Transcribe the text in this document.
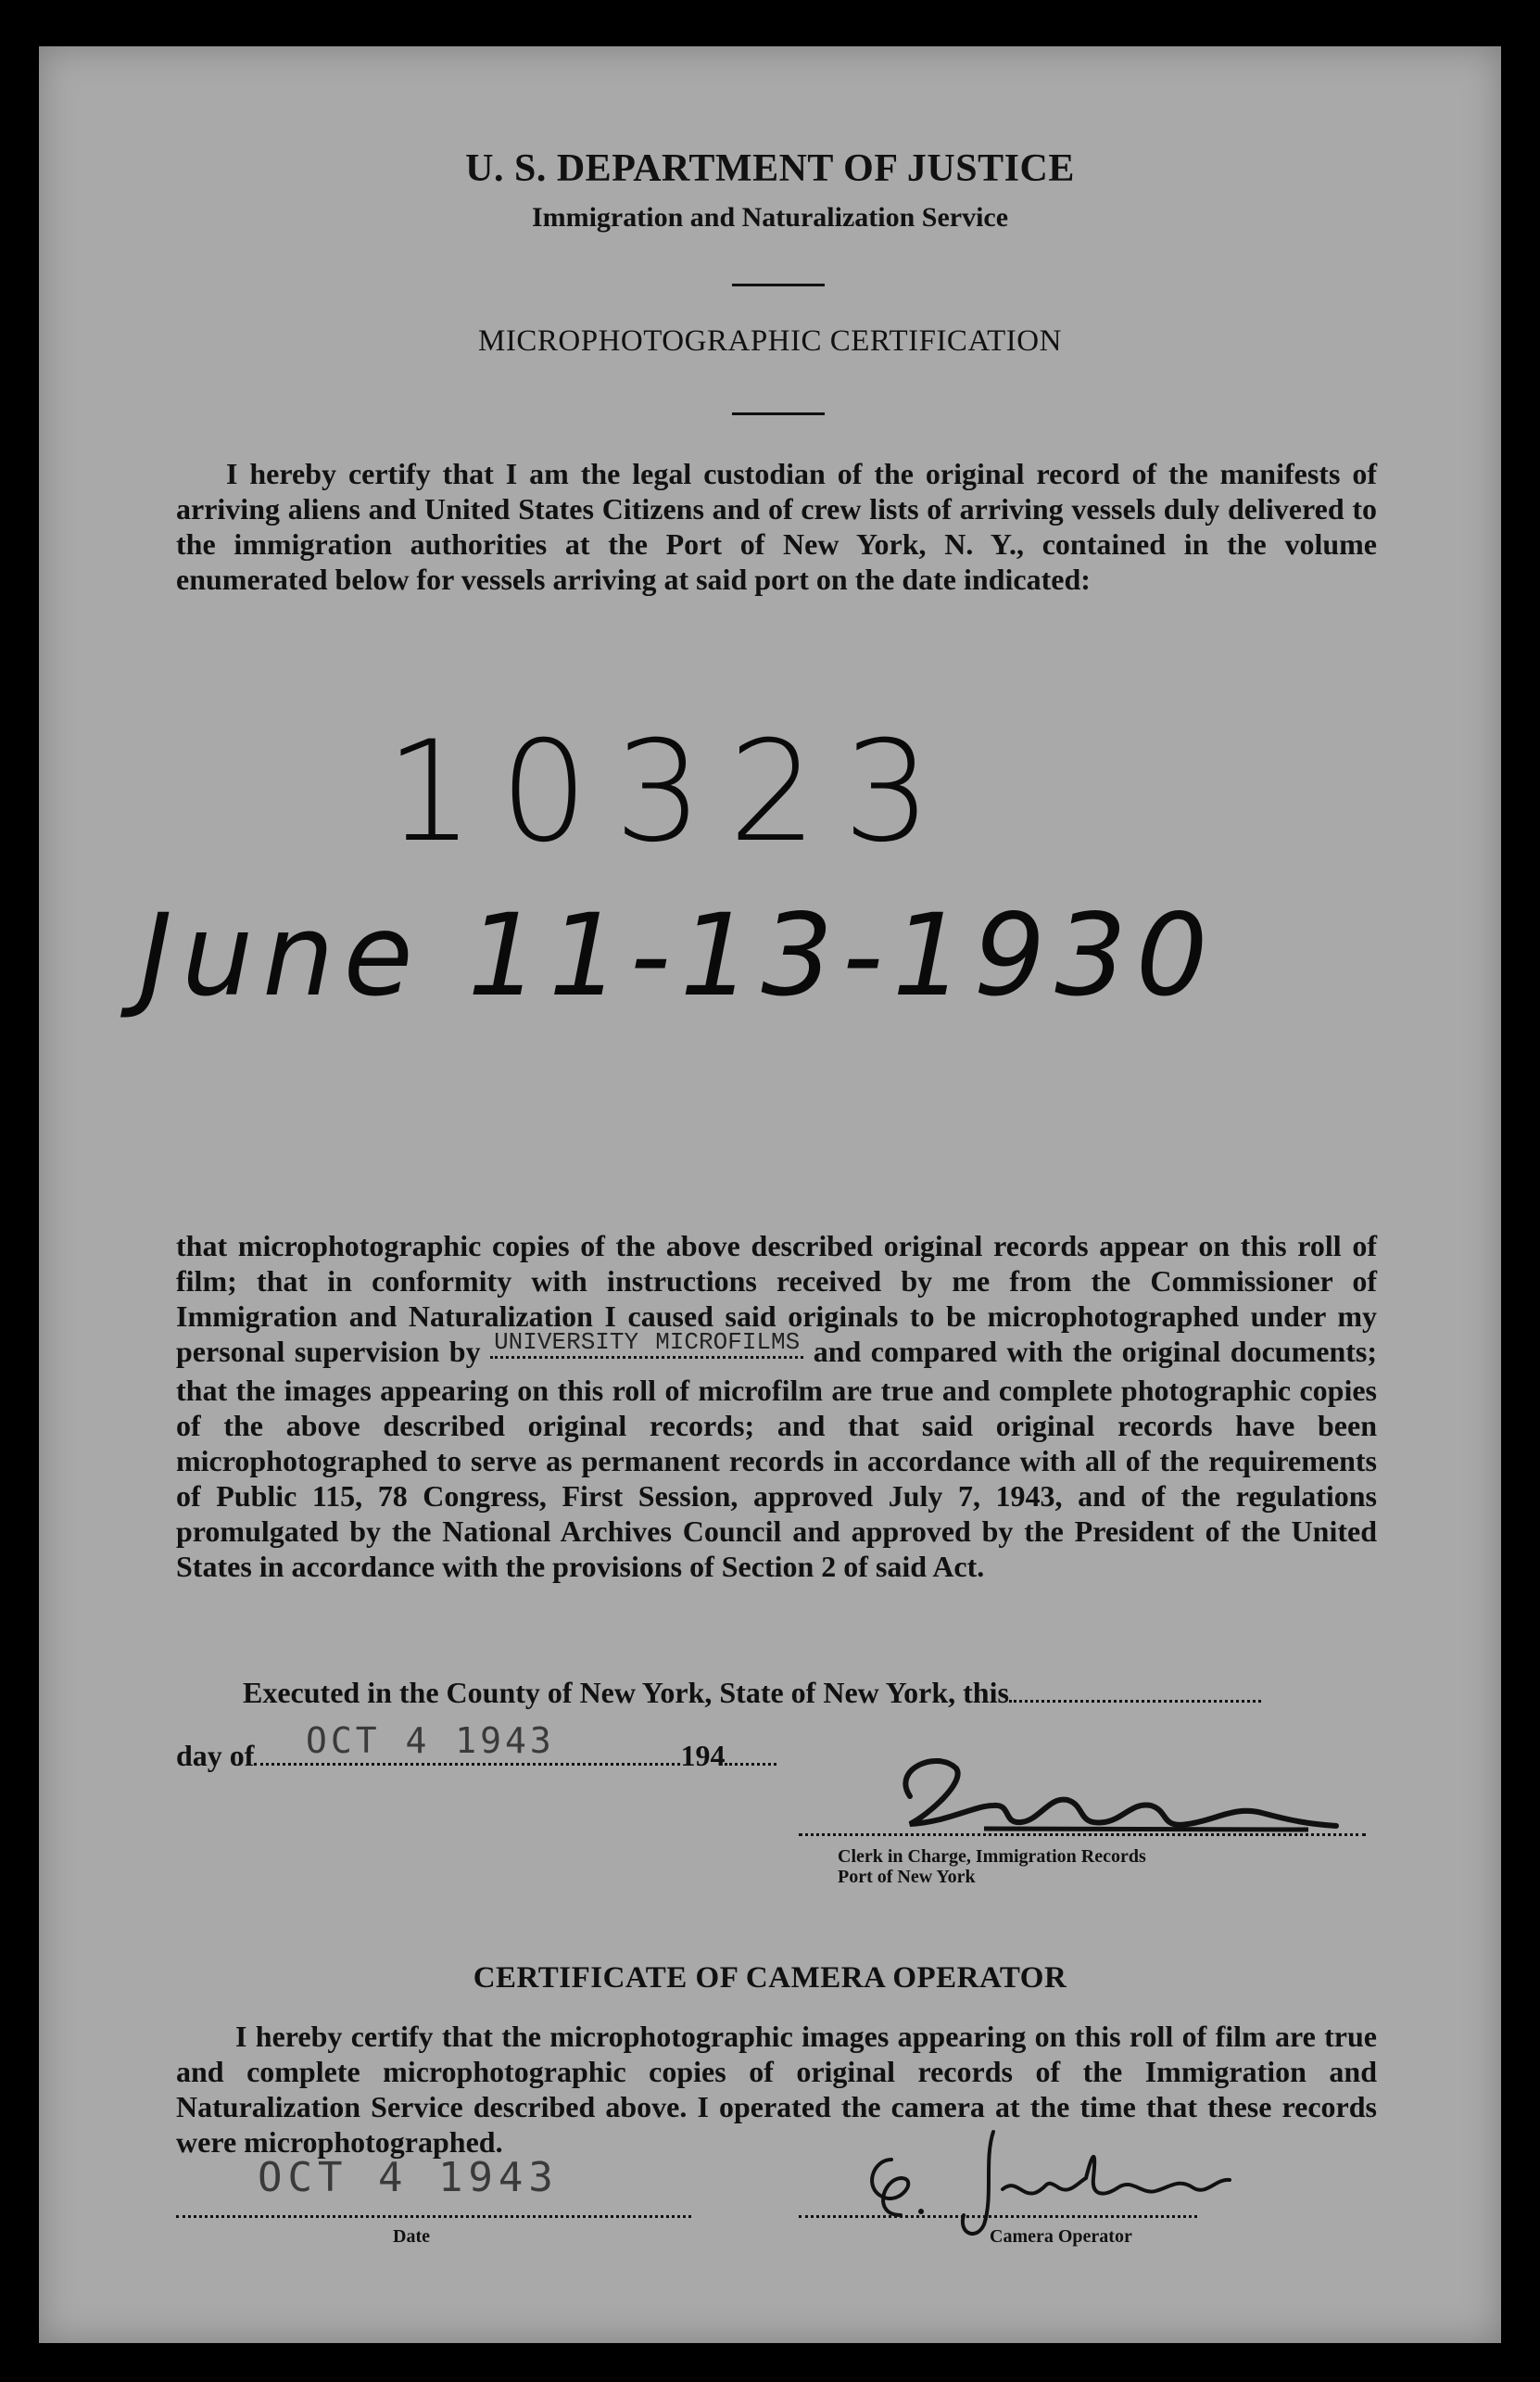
U. S. DEPARTMENT OF JUSTICE
Immigration and Naturalization Service
MICROPHOTOGRAPHIC CERTIFICATION
I hereby certify that I am the legal custodian of the original record of the manifests of arriving aliens and United States Citizens and of crew lists of arriving vessels duly delivered to the immigration authorities at the Port of New York, N. Y., contained in the volume enumerated below for vessels arriving at said port on the date indicated:
10323
June 11-13-1930
that microphotographic copies of the above described original records appear on this roll of film; that in conformity with instructions received by me from the Commissioner of Immigration and Naturalization I caused said originals to be microphotographed under my personal supervision by $^{UNIVERSITY MICROFILMS}$ and compared with the original documents; that the images appearing on this roll of microfilm are true and complete photographic copies of the above described original records; and that said original records have been microphotographed to serve as permanent records in accordance with all of the requirements of Public 115, 78 Congress, First Session, approved July 7, 1943, and of the regulations promulgated by the National Archives Council and approved by the President of the United States in accordance with the provisions of Section 2 of said Act.
Executed in the County of New York, State of New York, this
day of	194
OCT 4 1943
Clerk in Charge, Immigration Records
Port of New York
CERTIFICATE OF CAMERA OPERATOR
I hereby certify that the microphotographic images appearing on this roll of film are true and complete microphotographic copies of original records of the Immigration and Naturalization Service described above. I operated the camera at the time that these records were microphotographed.
OCT 4 1943
Date	Camera Operator
